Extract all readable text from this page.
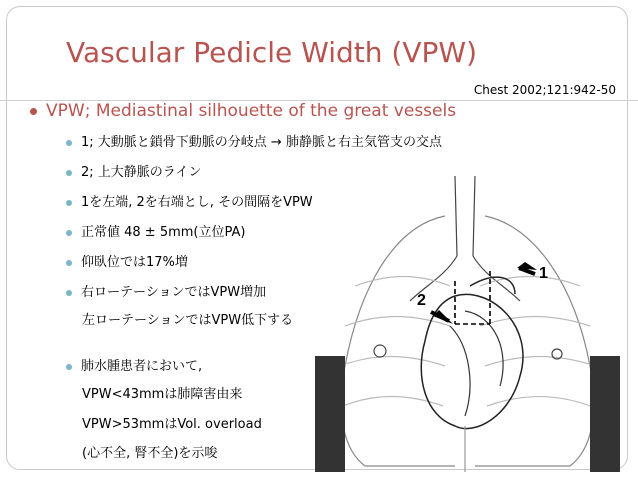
Vascular Pedicle Width (VPW)
Chest 2002;121:942-50
1
2
VPW; Mediastinal silhouette of the great vessels
1; 大動脈と鎖骨下動脈の分岐点 → 肺静脈と右主気管支の交点
2; 上大静脈のライン
1を左端, 2を右端とし, その間隔をVPW
正常値 48 ± 5mm(立位PA)
仰臥位では17%増
右ローテーションではVPW増加
左ローテーションではVPW低下する
肺水腫患者において,
VPW<43mmは肺障害由来
VPW>53mmはVol. overload
(心不全, 腎不全)を示唆
